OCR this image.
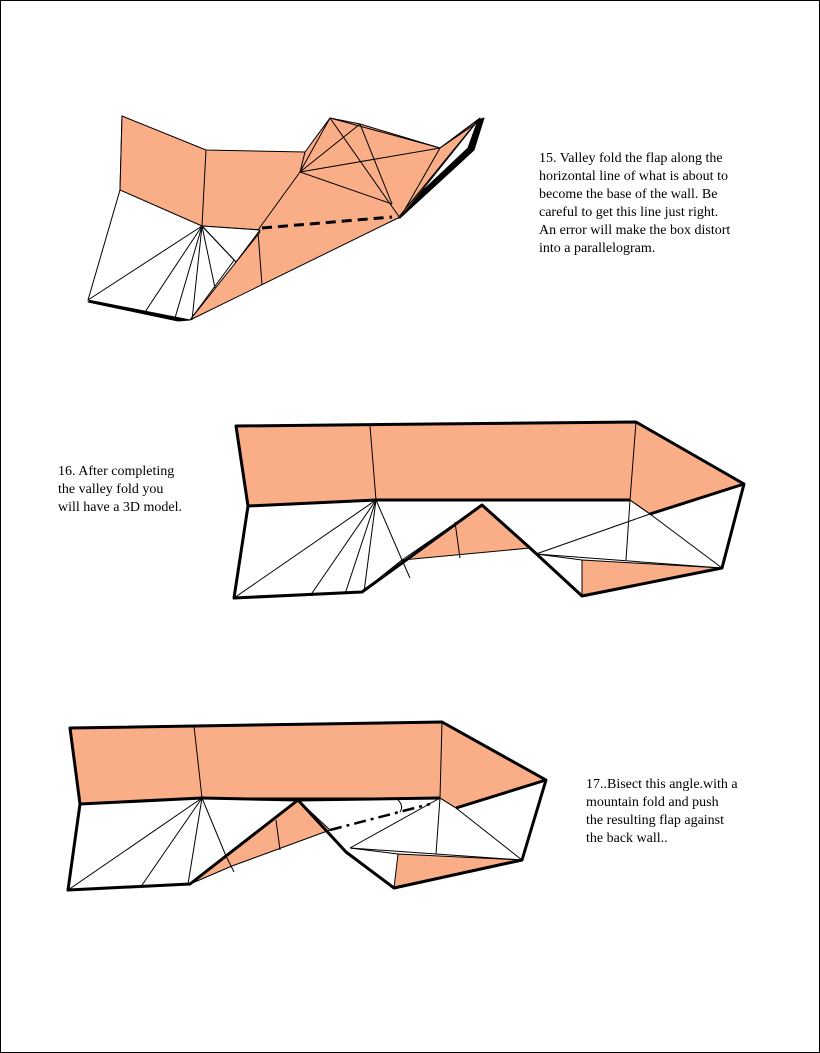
15. Valley fold the flap along the
horizontal line of what is about to
become the base of the wall. Be
careful to get this line just right.
An error will make the box distort
into a parallelogram.

16. After completing
the valley fold you
will have a 3D model.

17..Bisect this angle.with a
mountain fold and push
the resulting flap against
the back wall..
